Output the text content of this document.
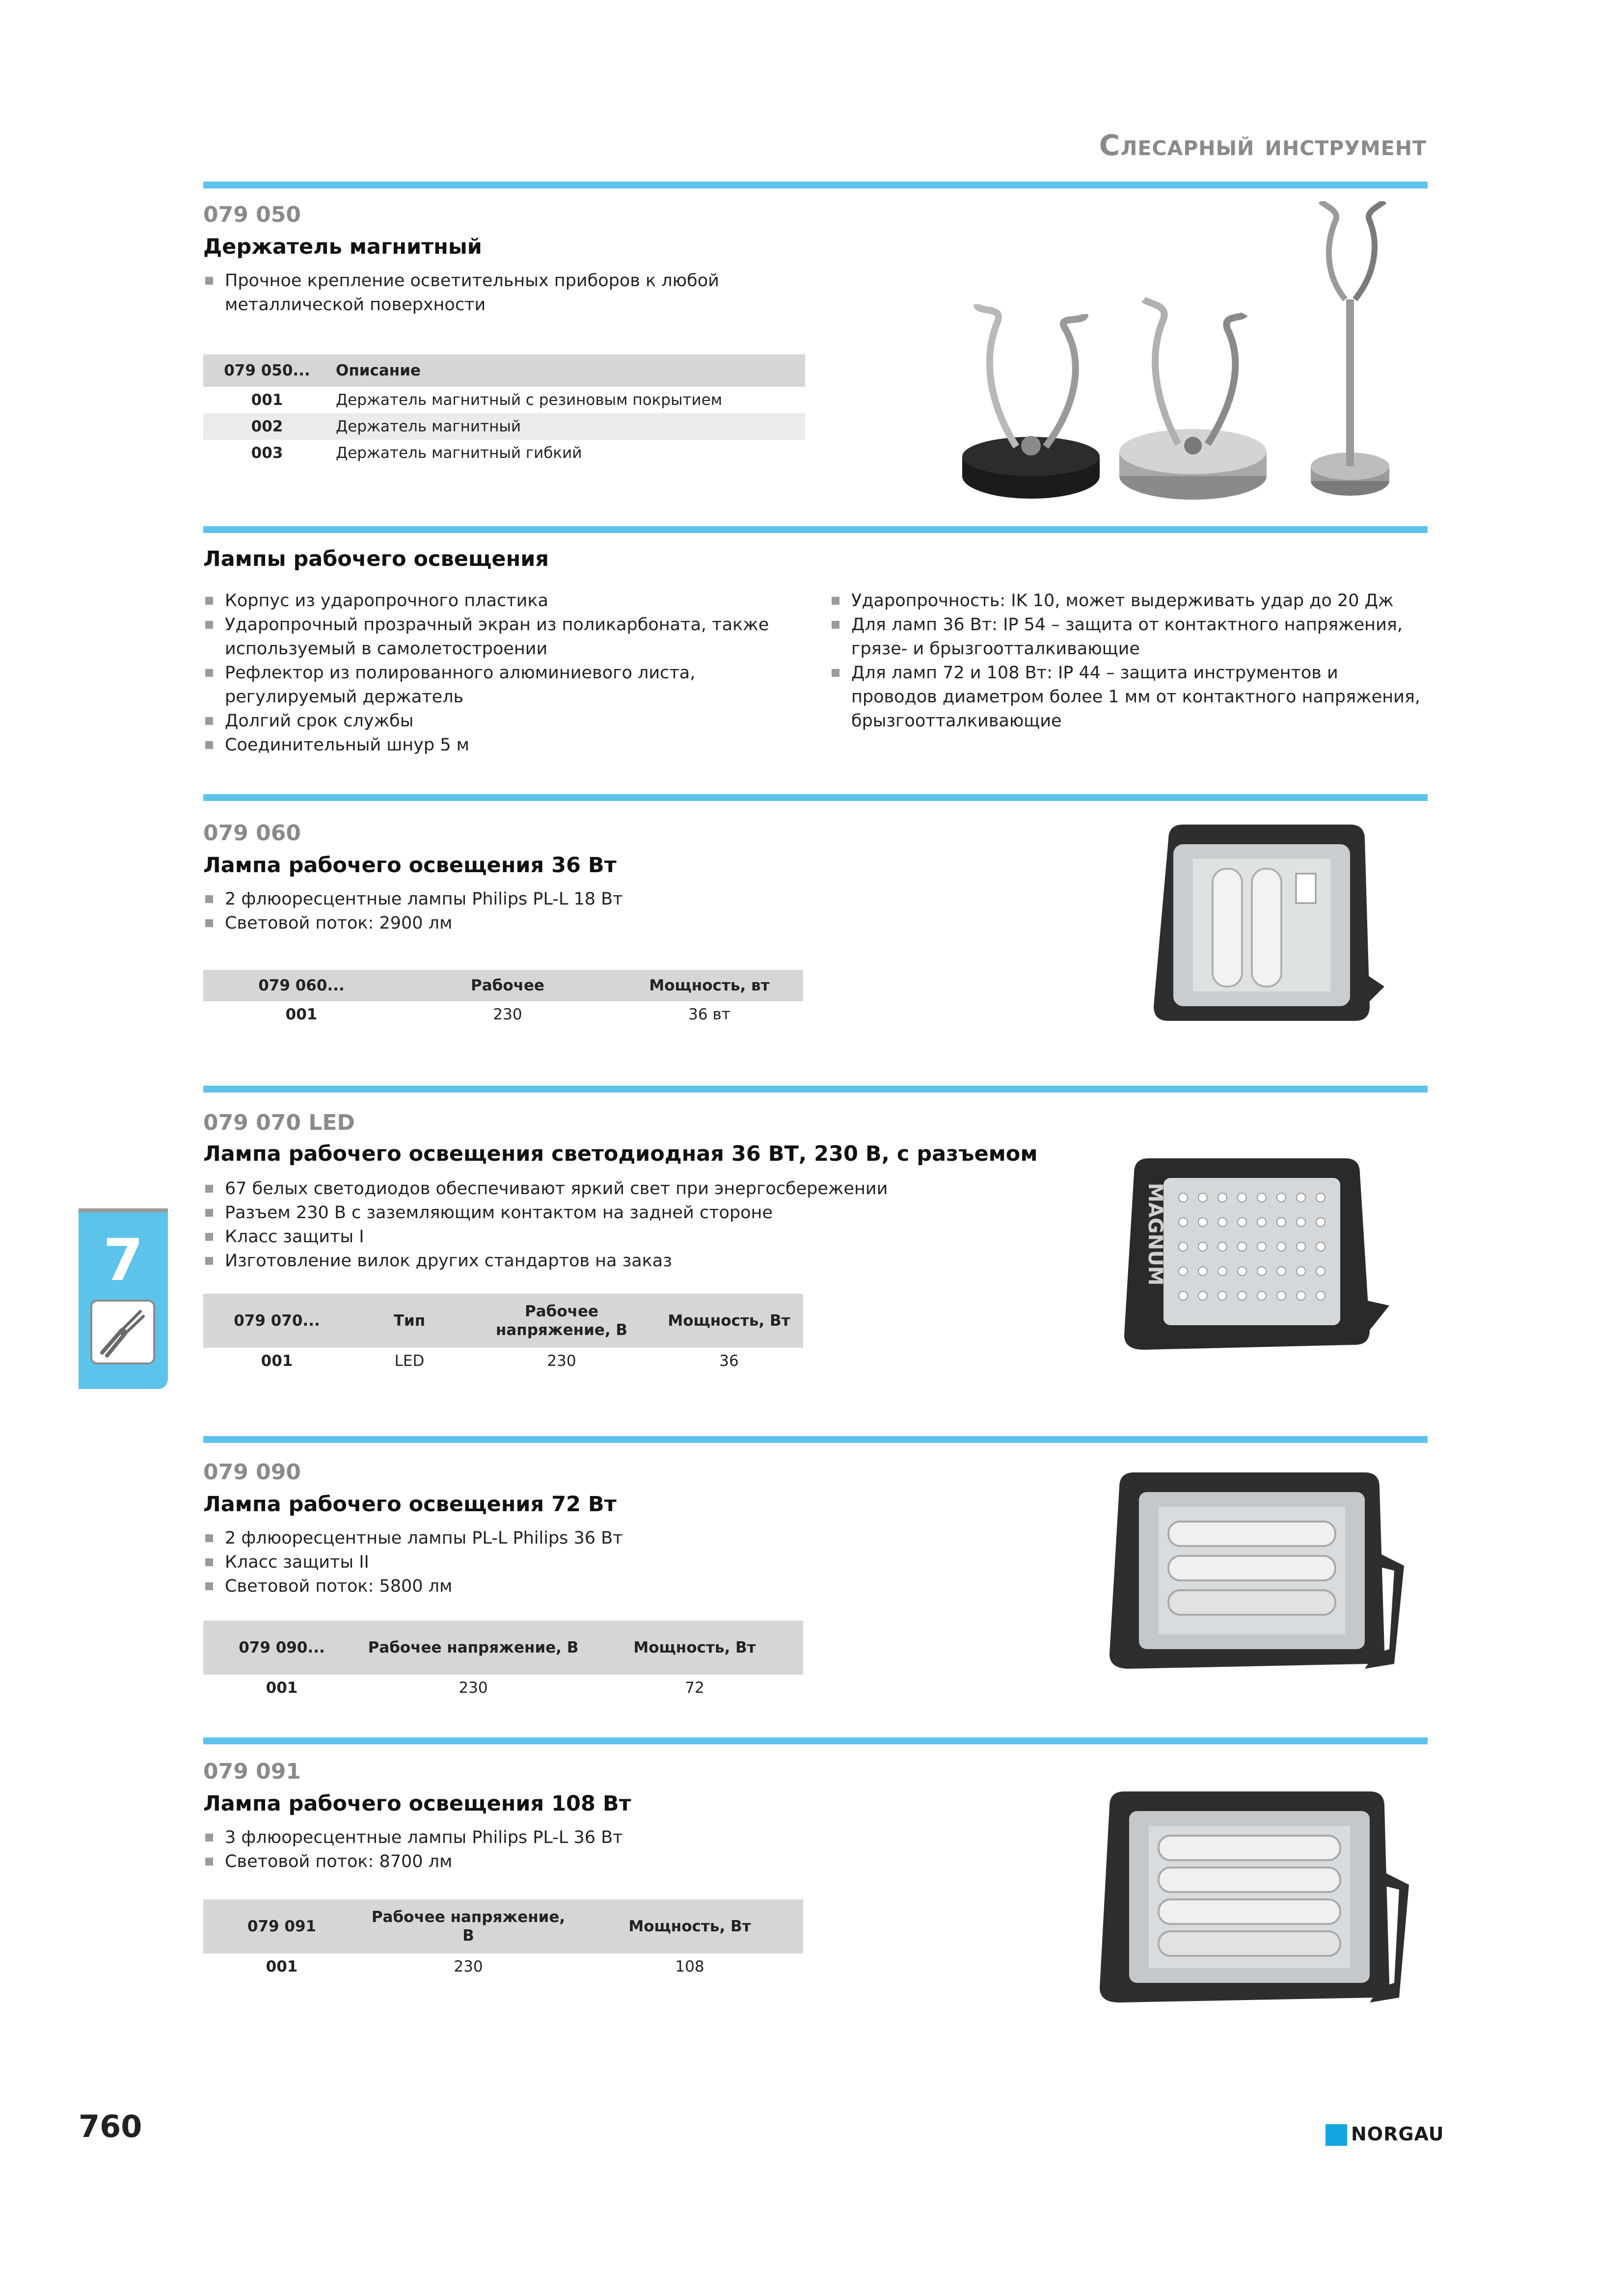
Слесарный инструмент

079 050

Держатель магнитный

Прочное крепление осветительных приборов к любой металлической поверхности
079 050...	Описание
001	Держатель магнитный с резиновым покрытием
002	Держатель магнитный
003	Держатель магнитный гибкий

Лампы рабочего освещения

Корпус из ударопрочного пластика
Ударопрочный прозрачный экран из поликарбоната, также используемый в самолетостроении
Рефлектор из полированного алюминиевого листа, регулируемый держатель
Долгий срок службы
Соединительный шнур 5 м
Ударопрочность: IK 10, может выдерживать удар до 20 Дж
Для ламп 36 Вт: IP 54 – защита от контактного напряжения, грязе- и брызгоотталкивающие
Для ламп 72 и 108 Вт: IP 44 – защита инструментов и проводов диаметром более 1 мм от контактного напряжения, брызгоотталкивающие

079 060

Лампа рабочего освещения 36 Вт

2 флюоресцентные лампы Philips PL-L 18 Вт
Световой поток: 2900 лм
079 060...	Рабочее	Мощность, вт
001	230	36 вт

079 070 LED

Лампа рабочего освещения светодиодная 36 ВТ, 230 В, с разъемом

67 белых светодиодов обеспечивают яркий свет при энергосбережении
Разъем 230 В с заземляющим контактом на задней стороне
Класс защиты I
Изготовление вилок других стандартов на заказ
079 070...	Тип	Рабочее напряжение, В	Мощность, Вт
001	LED	230	36
MAGNUM

079 090

Лампа рабочего освещения 72 Вт

2 флюоресцентные лампы PL-L Philips 36 Вт
Класс защиты II
Световой поток: 5800 лм
079 090...	Рабочее напряжение, В	Мощность, Вт
001	230	72

079 091

Лампа рабочего освещения 108 Вт

3 флюоресцентные лампы Philips PL-L 36 Вт
Световой поток: 8700 лм
079 091	Рабочее напряжение, В	Мощность, Вт
001	230	108

7

760	NORGAU
